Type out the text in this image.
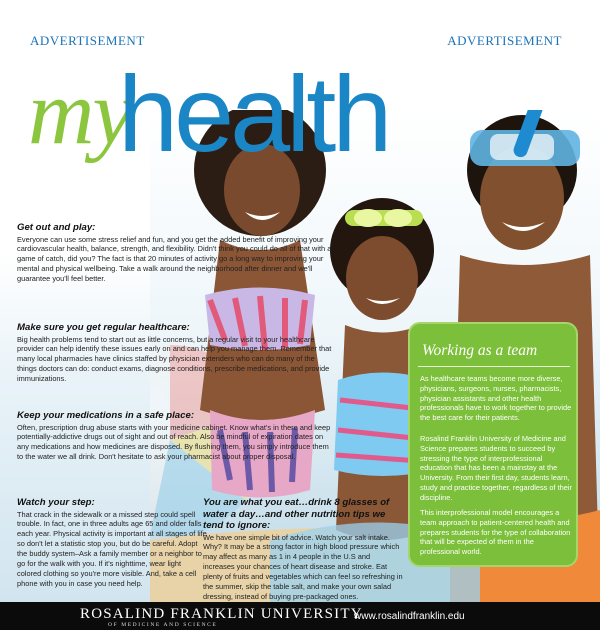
ADVERTISEMENT	ADVERTISEMENT
my
health
Get out and play:
Everyone can use some stress relief and fun, and you get the added benefit of improving your cardiovascular health, balance, strength, and flexibility. Didn't think you could do all of that with a game of catch, did you? The fact is that 20 minutes of activity go a long way to improving your mental and physical wellbeing. Take a walk around the neighborhood after dinner and we'll guarantee you'll feel better.
Make sure you get regular healthcare:
Big health problems tend to start out as little concerns, but a regular visit to your healthcare provider can help identify these issues early on and can help you manage them. Remember that many local pharmacies have clinics staffed by physician extenders who can do many of the things doctors can do: conduct exams, diagnose conditions, prescribe medications, and provide immunizations.
Keep your medications in a safe place:
Often, prescription drug abuse starts with your medicine cabinet. Know what's in there and keep potentially-addictive drugs out of sight and out of reach. Also be mindful of expiration dates on any medications and how medicines are disposed. By flushing them, you simply introduce them to the water we all drink. Don't hesitate to ask your pharmacist about proper disposal.
Watch your step:
That crack in the sidewalk or a missed step could spell trouble. In fact, one in three adults age 65 and older falls each year. Physical activity is important at all stages of life so don't let a statistic stop you, but do be careful. Adopt the buddy system–Ask a family member or a neighbor to go for the walk with you. If it's nighttime, wear light colored clothing so you're more visible. And, take a cell phone with you in case you need help.
You are what you eat…drink 8 glasses of water a day…and other nutrition tips we tend to ignore:
We have one simple bit of advice. Watch your salt intake. Why? It may be a strong factor in high blood pressure which may affect as many as 1 in 4 people in the U.S and increases your chances of heart disease and stroke. Eat plenty of fruits and vegetables which can feel so refreshing in the summer, skip the table salt, and make your own salad dressing, instead of buying pre-packaged ones.
Working as a team
As healthcare teams become more diverse, physicians, surgeons, nurses, pharmacists, physician assistants and other health professionals have to work together to provide the best care for their patients.
Rosalind Franklin University of Medicine and Science prepares students to succeed by stressing the type of interprofessional education that has been a mainstay at the University. From their first day, students learn, study and practice together, regardless of their discipline.
This interprofessional model encourages a team approach to patient-centered health and prepares students for the type of collaboration that will be expected of them in the professional world.
ROSALIND FRANKLIN UNIVERSITY
OF MEDICINE AND SCIENCE
www.rosalindfranklin.edu
